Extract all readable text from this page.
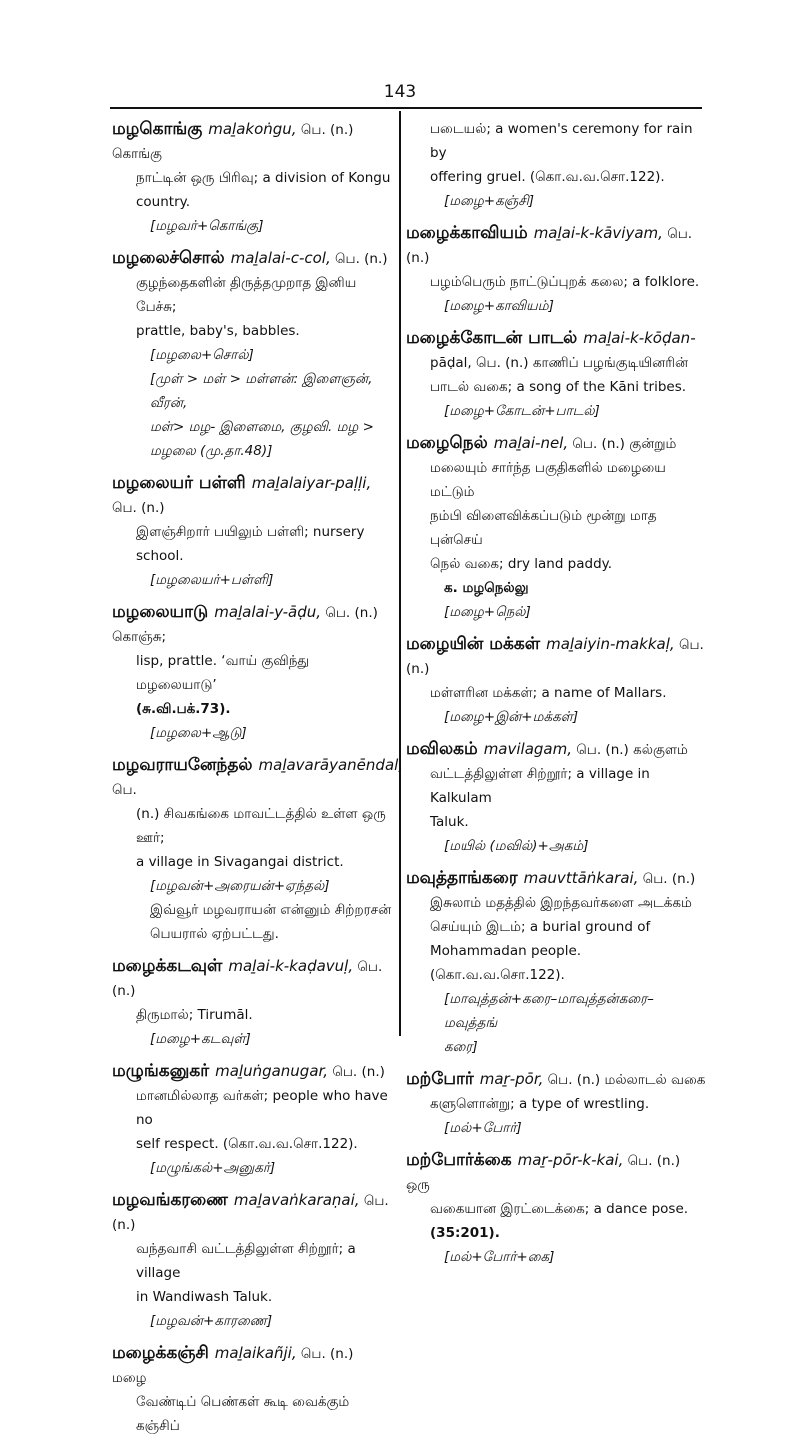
143

மழகொங்கு maḻakoṅgu, பெ. (n.) கொங்கு

நாட்டின் ஒரு பிரிவு; a division of Kongu

country.

[மழவர்+கொங்கு]

மழலைச்சொல் maḻalai-c-col, பெ. (n.)

குழந்தைகளின் திருத்தமுறாத இனிய பேச்சு;

prattle, baby's, babbles.

[மழலை+சொல்]

[முள் > மள் > மள்ளன்: இளைஞன், வீரன்,

மள்> மழ- இளைமை, குழவி. மழ > மழலை (மு.தா.48)]

மழலையர் பள்ளி maḻalaiyar-paḷḷi, பெ. (n.)

இளஞ்சிறார் பயிலும் பள்ளி; nursery school.

[மழலையர்+பள்ளி]

மழலையாடு maḻalai-y-āḍu, பெ. (n.) கொஞ்சு;

lisp, prattle. ‘வாய் குவிந்து மழலையாடு’

(சு.வி.பக்.73).

[மழலை+ஆடு]

மழவராயனேந்தல் maḻavarāyanēndal, பெ.

(n.) சிவகங்கை மாவட்டத்தில் உள்ள ஒரு ஊர்;

a village in Sivagangai district.

[மழவன்+அரையன்+ஏந்தல்]

இவ்வூர் மழவராயன் என்னும் சிற்றரசன்

பெயரால் ஏற்பட்டது.

மழைக்கடவுள் maḻai-k-kaḍavuḷ, பெ. (n.)

திருமால்; Tirumāl.

[மழை+கடவுள்]

மழுங்கனுகர் maḻuṅganugar, பெ. (n.)

மானமில்லாத வர்கள்; people who have no

self respect. (கொ.வ.வ.சொ.122).

[மழுங்கல்+அனுகர்]

மழவங்கரணை maḻavaṅkaraṇai, பெ. (n.)

வந்தவாசி வட்டத்திலுள்ள சிற்றூர்; a village

in Wandiwash Taluk.

[மழவன்+காரணை]

மழைக்கஞ்சி maḻaikañji, பெ. (n.) மழை

வேண்டிப் பெண்கள் கூடி வைக்கும் கஞ்சிப்

படையல்; a women's ceremony for rain by

offering gruel. (கொ.வ.வ.சொ.122).

[மழை+கஞ்சி]

மழைக்காவியம் maḻai-k-kāviyam, பெ. (n.)

பழம்பெரும் நாட்டுப்புறக் கலை; a folklore.

[மழை+காவியம்]

மழைக்கோடன் பாடல் maḻai-k-kōḍan-

pāḍal, பெ. (n.) காணிப் பழங்குடியினரின்

பாடல் வகை; a song of the Kāni tribes.

[மழை+கோடன்+பாடல்]

மழைநெல் maḻai-nel, பெ. (n.) குன்றும்

மலையும் சார்ந்த பகுதிகளில் மழையை மட்டும்

நம்பி விளைவிக்கப்படும் மூன்று மாத புன்செய்

நெல் வகை; dry land paddy.

க. மழநெல்லு

[மழை+நெல்]

மழையின் மக்கள் maḻaiyin-makkaḷ, பெ. (n.)

மள்ளரின மக்கள்; a name of Mallars.

[மழை+இன்+மக்கள்]

மவிலகம் mavilagam, பெ. (n.) கல்குளம்

வட்டத்திலுள்ள சிற்றூர்; a village in Kalkulam

Taluk.

[மயில் (மவில்)+அகம்]

மவுத்தாங்கரை mauvttāṅkarai, பெ. (n.)

இசுலாம் மதத்தில் இறந்தவர்களை அடக்கம்

செய்யும் இடம்; a burial ground of

Mohammadan people. (கொ.வ.வ.சொ.122).

[மாவுத்தன்+கரை–மாவுத்தன்கரை–மவுத்தங்

கரை]

மற்போர் maṟ-pōr, பெ. (n.) மல்லாடல் வகை

களுளொன்று; a type of wrestling.

[மல்+போர்]

மற்போர்க்கை maṟ-pōr-k-kai, பெ. (n.) ஒரு

வகையான இரட்டைக்கை; a dance pose.

(35:201).

[மல்+போர்+கை]
